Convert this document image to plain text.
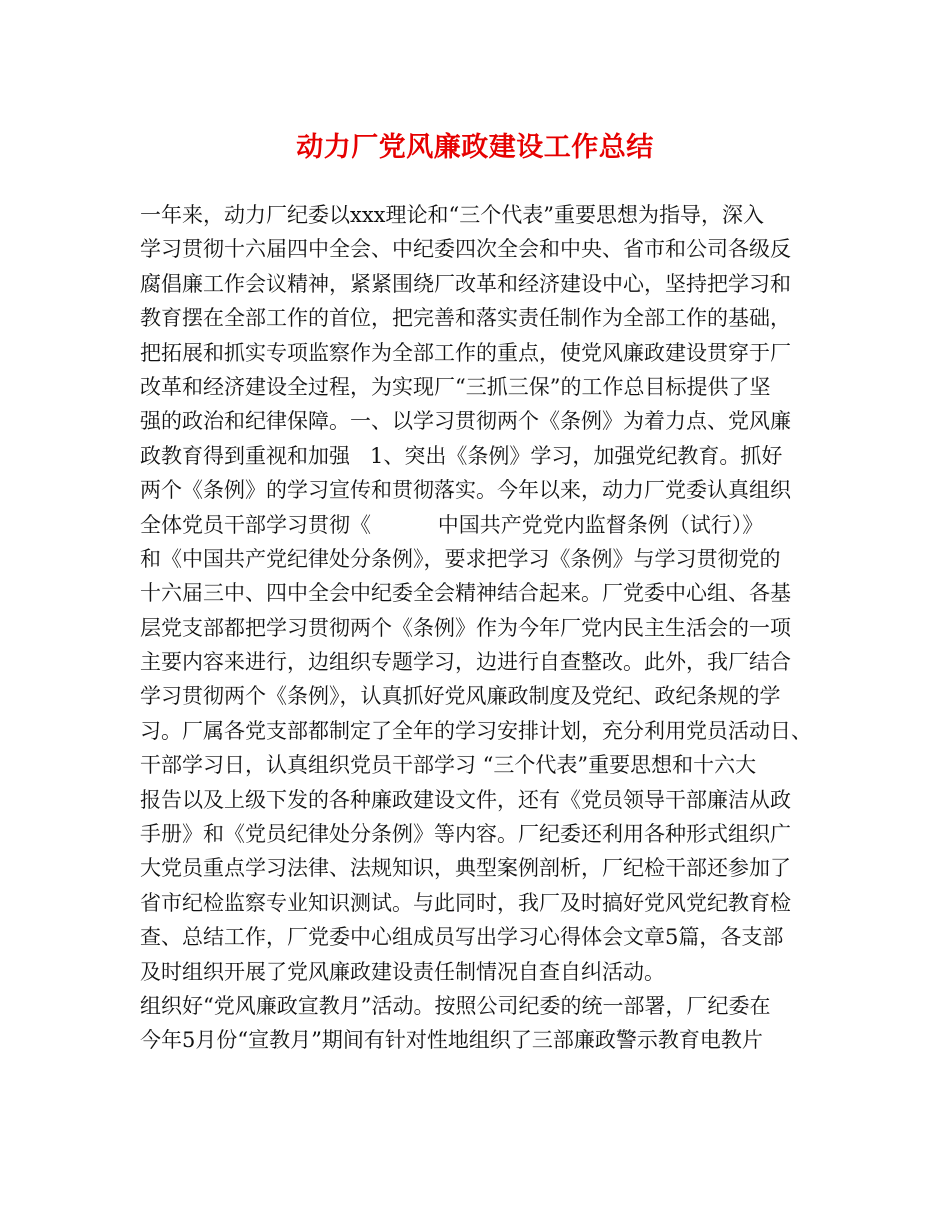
动力厂党风廉政建设工作总结
一年来，动力厂纪委以xxx理论和“三个代表”重要思想为指导，深入
学习贯彻十六届四中全会、中纪委四次全会和中央、省市和公司各级反
腐倡廉工作会议精神，紧紧围绕厂改革和经济建设中心，坚持把学习和
教育摆在全部工作的首位，把完善和落实责任制作为全部工作的基础，
把拓展和抓实专项监察作为全部工作的重点，使党风廉政建设贯穿于厂
改革和经济建设全过程，为实现厂“三抓三保”的工作总目标提供了坚
强的政治和纪律保障。一、以学习贯彻两个《条例》为着力点、党风廉
政教育得到重视和加强   1、突出《条例》学习，加强党纪教育。抓好
两个《条例》的学习宣传和贯彻落实。今年以来，动力厂党委认真组织
全体党员干部学习贯彻《          中国共产党党内监督条例（试行）》
和《中国共产党纪律处分条例》，要求把学习《条例》与学习贯彻党的
十六届三中、四中全会中纪委全会精神结合起来。厂党委中心组、各基
层党支部都把学习贯彻两个《条例》作为今年厂党内民主生活会的一项
主要内容来进行，边组织专题学习，边进行自查整改。此外，我厂结合
学习贯彻两个《条例》，认真抓好党风廉政制度及党纪、政纪条规的学
习。厂属各党支部都制定了全年的学习安排计划，充分利用党员活动日、
干部学习日，认真组织党员干部学习 “三个代表”重要思想和十六大
报告以及上级下发的各种廉政建设文件，还有《党员领导干部廉洁从政
手册》和《党员纪律处分条例》等内容。厂纪委还利用各种形式组织广
大党员重点学习法律、法规知识，典型案例剖析，厂纪检干部还参加了
省市纪检监察专业知识测试。与此同时，我厂及时搞好党风党纪教育检
查、总结工作，厂党委中心组成员写出学习心得体会文章5篇，各支部
及时组织开展了党风廉政建设责任制情况自查自纠活动。
组织好“党风廉政宣教月”活动。按照公司纪委的统一部署，厂纪委在
今年5月份“宣教月”期间有针对性地组织了三部廉政警示教育电教片
